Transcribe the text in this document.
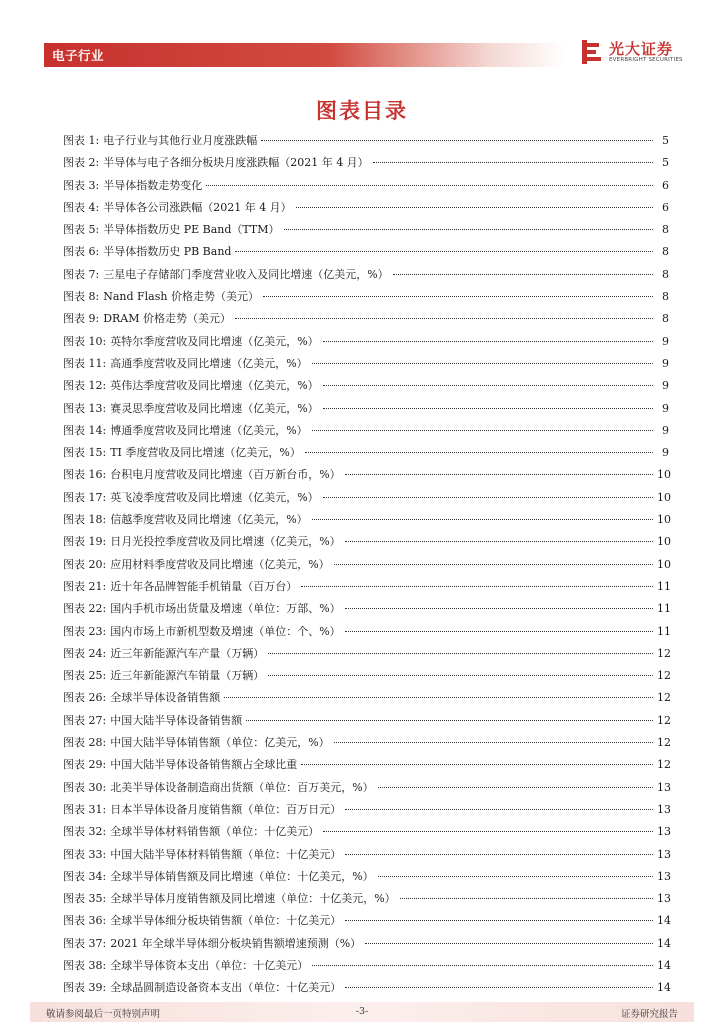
电子行业	光大证券
EVERBRIGHT SECURITIES
图表目录
图表 1: 电子行业与其他行业月度涨跌幅	5
图表 2: 半导体与电子各细分板块月度涨跌幅（2021 年 4 月）	5
图表 3: 半导体指数走势变化	6
图表 4: 半导体各公司涨跌幅（2021 年 4 月）	6
图表 5: 半导体指数历史 PE Band（TTM）	8
图表 6: 半导体指数历史 PB Band	8
图表 7: 三星电子存储部门季度营业收入及同比增速（亿美元，%）	8
图表 8: Nand Flash 价格走势（美元）	8
图表 9: DRAM 价格走势（美元）	8
图表 10: 英特尔季度营收及同比增速（亿美元，%）	9
图表 11: 高通季度营收及同比增速（亿美元，%）	9
图表 12: 英伟达季度营收及同比增速（亿美元，%）	9
图表 13: 赛灵思季度营收及同比增速（亿美元，%）	9
图表 14: 博通季度营收及同比增速（亿美元，%）	9
图表 15: TI 季度营收及同比增速（亿美元，%）	9
图表 16: 台积电月度营收及同比增速（百万新台币，%）	10
图表 17: 英飞凌季度营收及同比增速（亿美元，%）	10
图表 18: 信越季度营收及同比增速（亿美元，%）	10
图表 19: 日月光投控季度营收及同比增速（亿美元，%）	10
图表 20: 应用材料季度营收及同比增速（亿美元，%）	10
图表 21: 近十年各品牌智能手机销量（百万台）	11
图表 22: 国内手机市场出货量及增速（单位：万部、%）	11
图表 23: 国内市场上市新机型数及增速（单位：个、%）	11
图表 24: 近三年新能源汽车产量（万辆）	12
图表 25: 近三年新能源汽车销量（万辆）	12
图表 26: 全球半导体设备销售额	12
图表 27: 中国大陆半导体设备销售额	12
图表 28: 中国大陆半导体销售额（单位：亿美元，%）	12
图表 29: 中国大陆半导体设备销售额占全球比重	12
图表 30: 北美半导体设备制造商出货额（单位：百万美元，%）	13
图表 31: 日本半导体设备月度销售额（单位：百万日元）	13
图表 32: 全球半导体材料销售额（单位：十亿美元）	13
图表 33: 中国大陆半导体材料销售额（单位：十亿美元）	13
图表 34: 全球半导体销售额及同比增速（单位：十亿美元，%）	13
图表 35: 全球半导体月度销售额及同比增速（单位：十亿美元，%）	13
图表 36: 全球半导体细分板块销售额（单位：十亿美元）	14
图表 37: 2021 年全球半导体细分板块销售额增速预测（%）	14
图表 38: 全球半导体资本支出（单位：十亿美元）	14
图表 39: 全球晶圆制造设备资本支出（单位：十亿美元）	14
敬请参阅最后一页特别声明	-3-	证券研究报告
